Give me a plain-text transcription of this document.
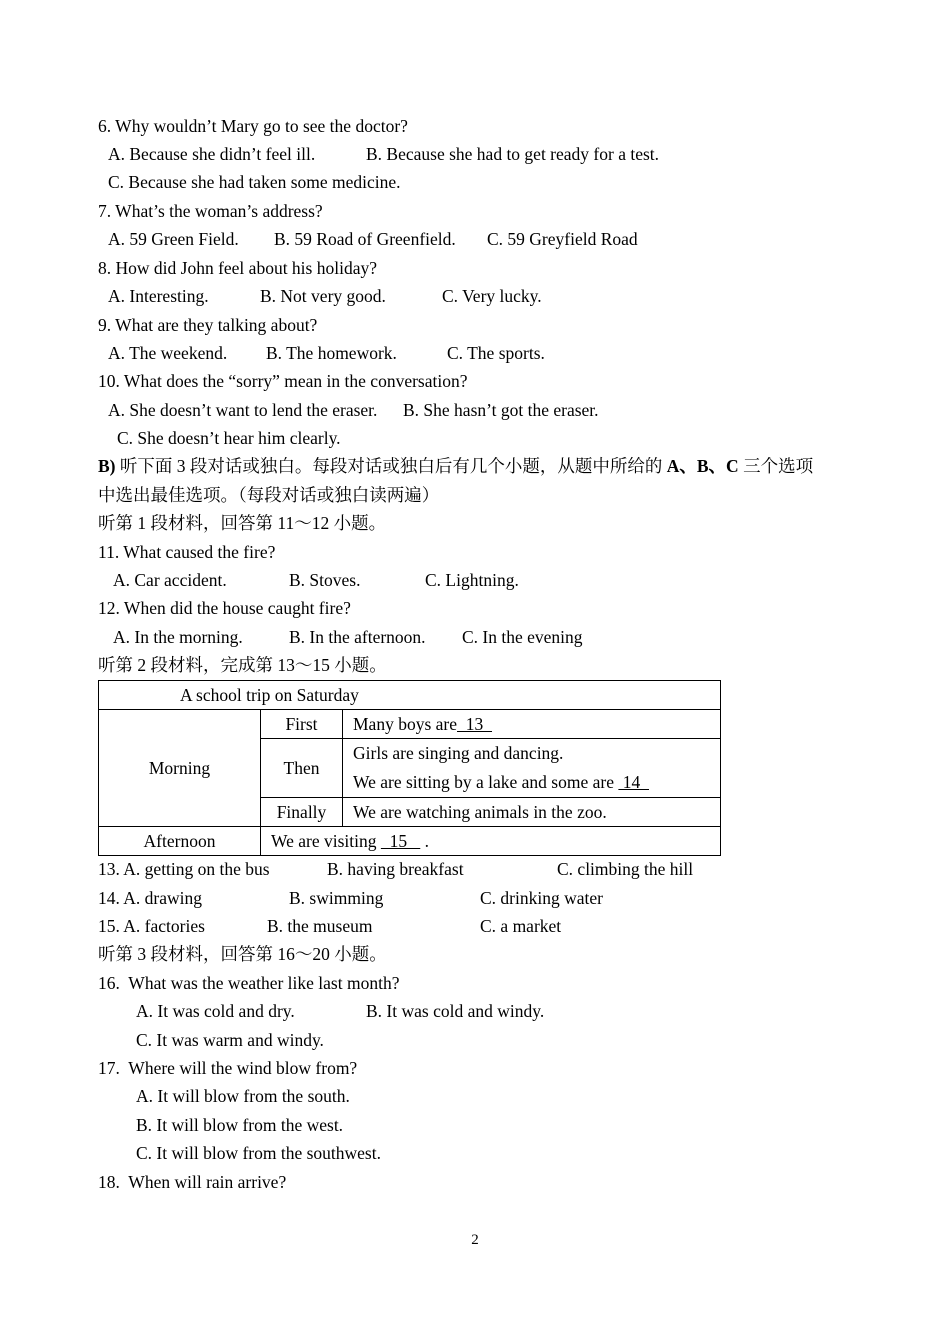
6. Why wouldn’t Mary go to see the doctor?
A. Because she didn’t feel ill.	B. Because she had to get ready for a test.
C. Because she had taken some medicine.
7. What’s the woman’s address?
A. 59 Green Field. B. 59 Road of Greenfield. C. 59 Greyfield Road
8. How did John feel about his holiday?
A. Interesting.	B. Not very good.	C. Very lucky.
9. What are they talking about?
A. The weekend. B. The homework.	C. The sports.
10. What does the “sorry” mean in the conversation?
A. She doesn’t want to lend the eraser. B. She hasn’t got the eraser.
C. She doesn’t hear him clearly.
B) 听下面 3 段对话或独白。每段对话或独白后有几个小题，从题中所给的 A、B、C 三个选项
中选出最佳选项。（每段对话或独白读两遍）
听第 1 段材料，回答第 11～12 小题。
11. What caused the fire?
A. Car accident.	B. Stoves.	C. Lightning.
12. When did the house caught fire?
A. In the morning.	B. In the afternoon. C. In the evening
听第 2 段材料，完成第 13～15 小题。
A school trip on Saturday		
Morning	First	Many boys are  13
	Then	Girls are singing and dancing.
We are sitting by a lake and some are  14

	Finally	We are watching animals in the zoo.
Afternoon	We are visiting   15    .	
13. A. getting on the bus	B. having breakfast	C. climbing the hill
14. A. drawing	B. swimming	C. drinking water
15. A. factories	B. the museum	C. a market
听第 3 段材料，回答第 16～20 小题。
16.  What was the weather like last month?
A. It was cold and dry.	B. It was cold and windy.
C. It was warm and windy.
17.  Where will the wind blow from?
A. It will blow from the south.
B. It will blow from the west.
C. It will blow from the southwest.
18.  When will rain arrive?
2
